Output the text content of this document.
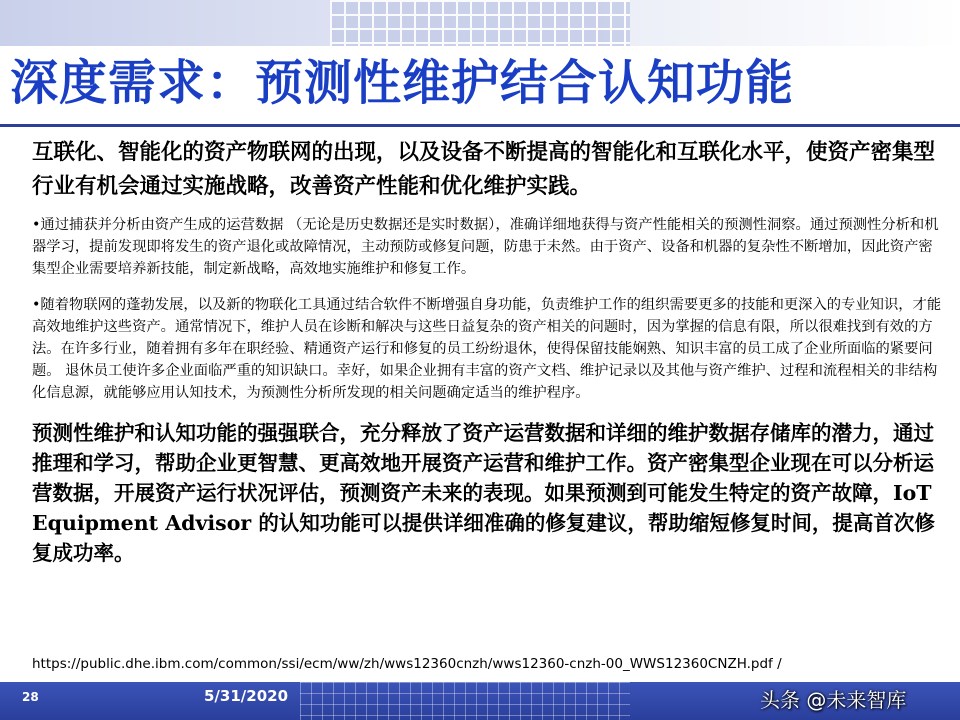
深度需求：预测性维护结合认知功能

互联化、智能化的资产物联网的出现，以及设备不断提高的智能化和互联化水平，使资产密集型行业有机会通过实施战略，改善资产性能和优化维护实践。

•通过捕获并分析由资产生成的运营数据 （无论是历史数据还是实时数据），准确详细地获得与资产性能相关的预测性洞察。通过预测性分析和机器学习，提前发现即将发生的资产退化或故障情况，主动预防或修复问题，防患于未然。由于资产、设备和机器的复杂性不断增加，因此资产密集型企业需要培养新技能，制定新战略，高效地实施维护和修复工作。

•随着物联网的蓬勃发展，以及新的物联化工具通过结合软件不断增强自身功能，负责维护工作的组织需要更多的技能和更深入的专业知识，才能高效地维护这些资产。通常情况下，维护人员在诊断和解决与这些日益复杂的资产相关的问题时，因为掌握的信息有限，所以很难找到有效的方法。在许多行业，随着拥有多年在职经验、精通资产运行和修复的员工纷纷退休，使得保留技能娴熟、知识丰富的员工成了企业所面临的紧要问题。 退休员工使许多企业面临严重的知识缺口。幸好，如果企业拥有丰富的资产文档、维护记录以及其他与资产维护、过程和流程相关的非结构化信息源，就能够应用认知技术，为预测性分析所发现的相关问题确定适当的维护程序。

预测性维护和认知功能的强强联合，充分释放了资产运营数据和详细的维护数据存储库的潜力，通过推理和学习，帮助企业更智慧、更高效地开展资产运营和维护工作。资产密集型企业现在可以分析运营数据，开展资产运行状况评估，预测资产未来的表现。如果预测到可能发生特定的资产故障，IoT Equipment Advisor 的认知功能可以提供详细准确的修复建议，帮助缩短修复时间，提高首次修复成功率。

https://public.dhe.ibm.com/common/ssi/ecm/ww/zh/wws12360cnzh/wws12360-cnzh-00_WWS12360CNZH.pdf /
28	5/31/2020	头条 @未来智库
